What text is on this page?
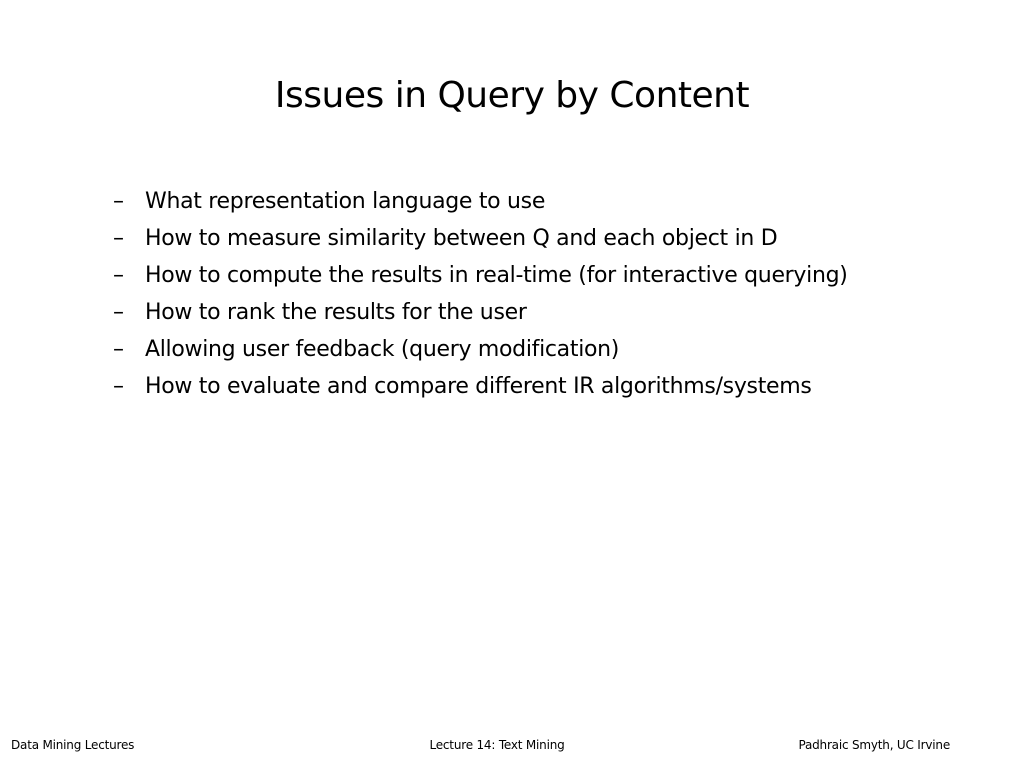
Issues in Query by Content
– What representation language to use
– How to measure similarity between Q and each object in D
– How to compute the results in real-time (for interactive querying)
– How to rank the results for the user
– Allowing user feedback (query modification)
– How to evaluate and compare different IR algorithms/systems
Data Mining Lectures	Lecture 14: Text Mining	Padhraic Smyth, UC Irvine
